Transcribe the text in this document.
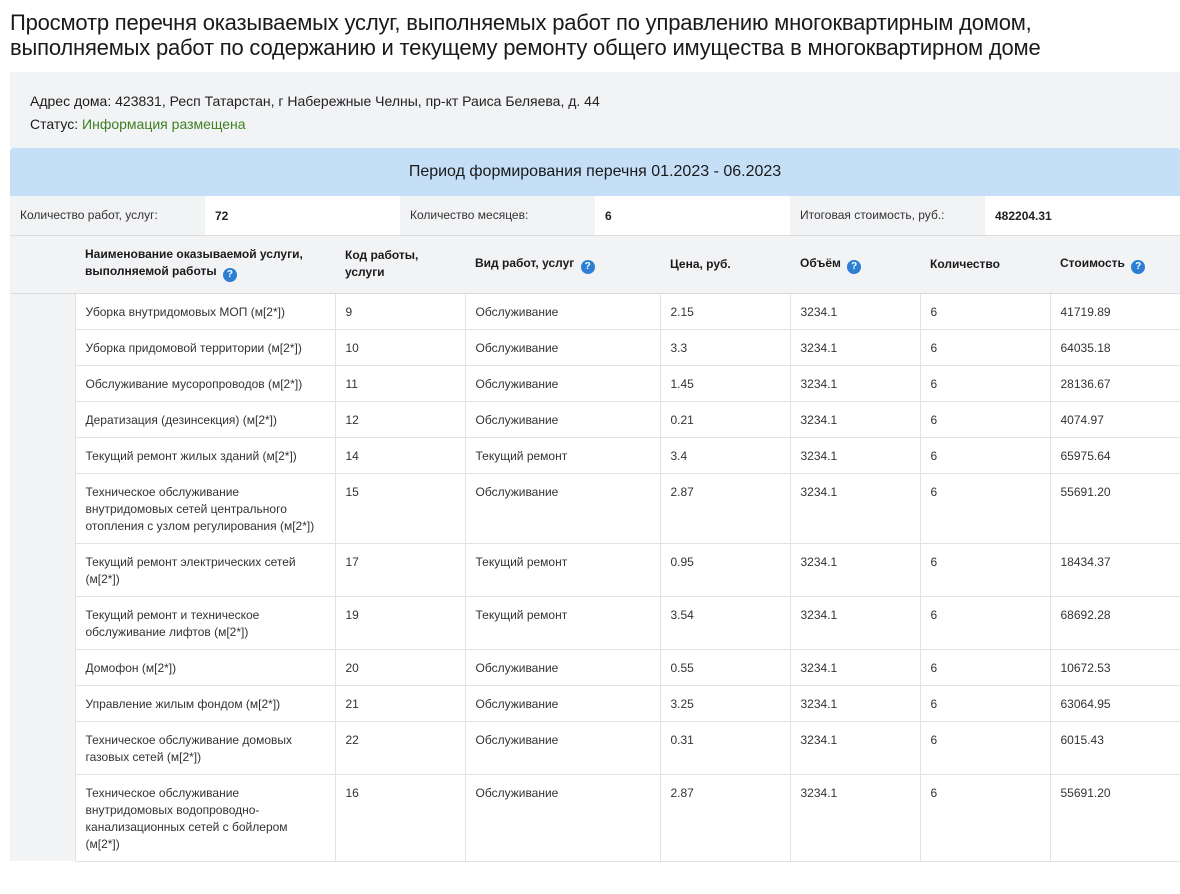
Просмотр перечня оказываемых услуг, выполняемых работ по управлению многоквартирным домом, выполняемых работ по содержанию и текущему ремонту общего имущества в многоквартирном доме
Адрес дома: 423831, Респ Татарстан, г Набережные Челны, пр-кт Раиса Беляева, д. 44
Статус: Информация размещена
Период формирования перечня 01.2023 - 06.2023
Количество работ, услуг:	72	Количество месяцев:	6	Итоговая стоимость, руб.:	482204.31
	Наименование оказываемой услуги, выполняемой работы ?	Код работы, услуги	Вид работ, услуг ?	Цена, руб.	Объём ?	Количество	Стоимость ?
	Уборка внутридомовых МОП (м[2*])	9	Обслуживание	2.15	3234.1	6	41719.89
	Уборка придомовой территории (м[2*])	10	Обслуживание	3.3	3234.1	6	64035.18
	Обслуживание мусоропроводов (м[2*])	11	Обслуживание	1.45	3234.1	6	28136.67
	Дератизация (дезинсекция) (м[2*])	12	Обслуживание	0.21	3234.1	6	4074.97
	Текущий ремонт жилых зданий (м[2*])	14	Текущий ремонт	3.4	3234.1	6	65975.64
	Техническое обслуживание внутридомовых сетей центрального отопления с узлом регулирования (м[2*])	15	Обслуживание	2.87	3234.1	6	55691.20
	Текущий ремонт электрических сетей (м[2*])	17	Текущий ремонт	0.95	3234.1	6	18434.37
	Текущий ремонт и техническое обслуживание лифтов (м[2*])	19	Текущий ремонт	3.54	3234.1	6	68692.28
	Домофон (м[2*])	20	Обслуживание	0.55	3234.1	6	10672.53
	Управление жилым фондом (м[2*])	21	Обслуживание	3.25	3234.1	6	63064.95
	Техническое обслуживание домовых газовых сетей (м[2*])	22	Обслуживание	0.31	3234.1	6	6015.43
	Техническое обслуживание внутридомовых водопроводно-канализационных сетей с бойлером (м[2*])	16	Обслуживание	2.87	3234.1	6	55691.20
